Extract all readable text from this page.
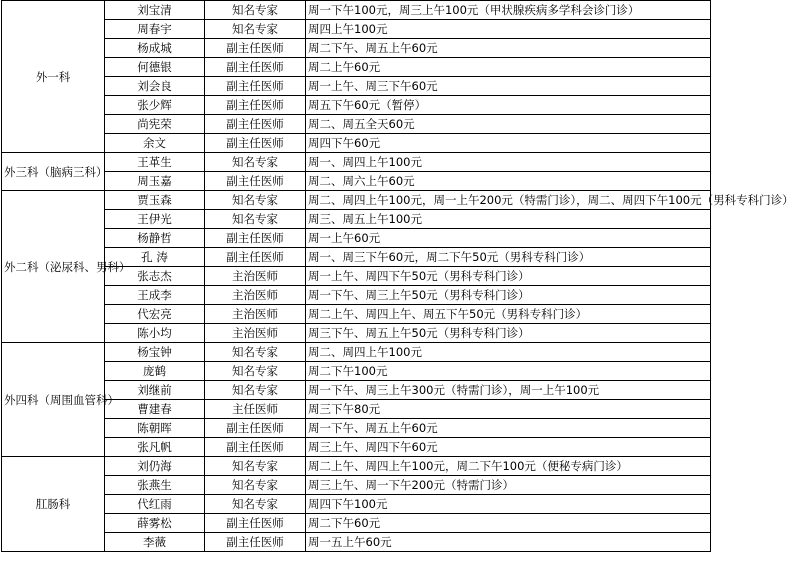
外一科	刘宝清	知名专家	周一下午100元，周三上午100元（甲状腺疾病多学科会诊门诊）
	周春宇	知名专家	周四上午100元
	杨成城	副主任医师	周二下午、周五上午60元
	何德银	副主任医师	周二上午60元
	刘会良	副主任医师	周一上午、周三下午60元
	张少辉	副主任医师	周五下午60元（暂停）
	尚宪荣	副主任医师	周二、周五全天60元
	余文	副主任医师	周四下午60元
外三科（脑病三科）	王革生	知名专家	周一、周四上午100元
	周玉嘉	副主任医师	周二、周六上午60元
外二科（泌尿科、男科）	贾玉森	知名专家	周二、周四上午100元，周一上午200元（特需门诊），周二、周四下午100元（男科专科门诊）
	王伊光	知名专家	周三、周五上午100元
	杨静哲	副主任医师	周一上午60元
	孔 涛	副主任医师	周一、周三下午60元，周二下午50元（男科专科门诊）
	张志杰	主治医师	周一上午、周四下午50元（男科专科门诊）
	王成李	主治医师	周一下午、周三上午50元（男科专科门诊）
	代宏亮	主治医师	周二上午、周四上午、周五下午50元（男科专科门诊）
	陈小均	主治医师	周三下午、周五上午50元（男科专科门诊）
外四科（周围血管科）	杨宝钟	知名专家	周二、周四上午100元
	庞鹤	知名专家	周二下午100元
	刘继前	知名专家	周一下午、周三上午300元（特需门诊），周一上午100元
	曹建春	主任医师	周三下午80元
	陈朝晖	副主任医师	周一下午、周五上午60元
	张凡帆	副主任医师	周三上午、周四下午60元
肛肠科	刘仍海	知名专家	周二上午、周四上午100元，周二下午100元（便秘专病门诊）
	张燕生	知名专家	周三上午、周一下午200元（特需门诊）
	代红雨	知名专家	周四下午100元
	薛雾松	副主任医师	周二下午60元
	李薇	副主任医师	周一五上午60元
